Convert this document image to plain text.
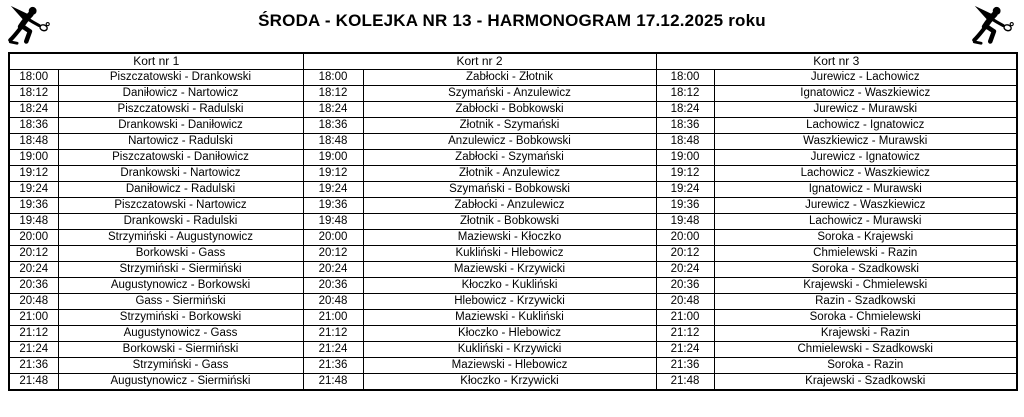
ŚRODA - KOLEJKA NR 13 - HARMONOGRAM 17.12.2025 roku
Kort nr 1		Kort nr 2		Kort nr 3	
18:00	Piszczatowski - Drankowski	18:00	Zabłocki - Złotnik	18:00	Jurewicz - Lachowicz
18:12	Daniłowicz - Nartowicz	18:12	Szymański - Anzulewicz	18:12	Ignatowicz - Waszkiewicz
18:24	Piszczatowski - Radulski	18:24	Zabłocki - Bobkowski	18:24	Jurewicz - Murawski
18:36	Drankowski - Daniłowicz	18:36	Złotnik - Szymański	18:36	Lachowicz - Ignatowicz
18:48	Nartowicz - Radulski	18:48	Anzulewicz - Bobkowski	18:48	Waszkiewicz - Murawski
19:00	Piszczatowski - Daniłowicz	19:00	Zabłocki - Szymański	19:00	Jurewicz - Ignatowicz
19:12	Drankowski - Nartowicz	19:12	Złotnik - Anzulewicz	19:12	Lachowicz - Waszkiewicz
19:24	Daniłowicz - Radulski	19:24	Szymański - Bobkowski	19:24	Ignatowicz - Murawski
19:36	Piszczatowski - Nartowicz	19:36	Zabłocki - Anzulewicz	19:36	Jurewicz - Waszkiewicz
19:48	Drankowski - Radulski	19:48	Złotnik - Bobkowski	19:48	Lachowicz - Murawski
20:00	Strzymiński - Augustynowicz	20:00	Maziewski - Kłoczko	20:00	Soroka - Krajewski
20:12	Borkowski - Gass	20:12	Kukliński - Hlebowicz	20:12	Chmielewski - Razin
20:24	Strzymiński - Siermiński	20:24	Maziewski - Krzywicki	20:24	Soroka - Szadkowski
20:36	Augustynowicz - Borkowski	20:36	Kłoczko - Kukliński	20:36	Krajewski - Chmielewski
20:48	Gass - Siermiński	20:48	Hlebowicz - Krzywicki	20:48	Razin - Szadkowski
21:00	Strzymiński - Borkowski	21:00	Maziewski - Kukliński	21:00	Soroka - Chmielewski
21:12	Augustynowicz - Gass	21:12	Kłoczko - Hlebowicz	21:12	Krajewski - Razin
21:24	Borkowski - Siermiński	21:24	Kukliński - Krzywicki	21:24	Chmielewski - Szadkowski
21:36	Strzymiński - Gass	21:36	Maziewski - Hlebowicz	21:36	Soroka - Razin
21:48	Augustynowicz - Siermiński	21:48	Kłoczko - Krzywicki	21:48	Krajewski - Szadkowski
